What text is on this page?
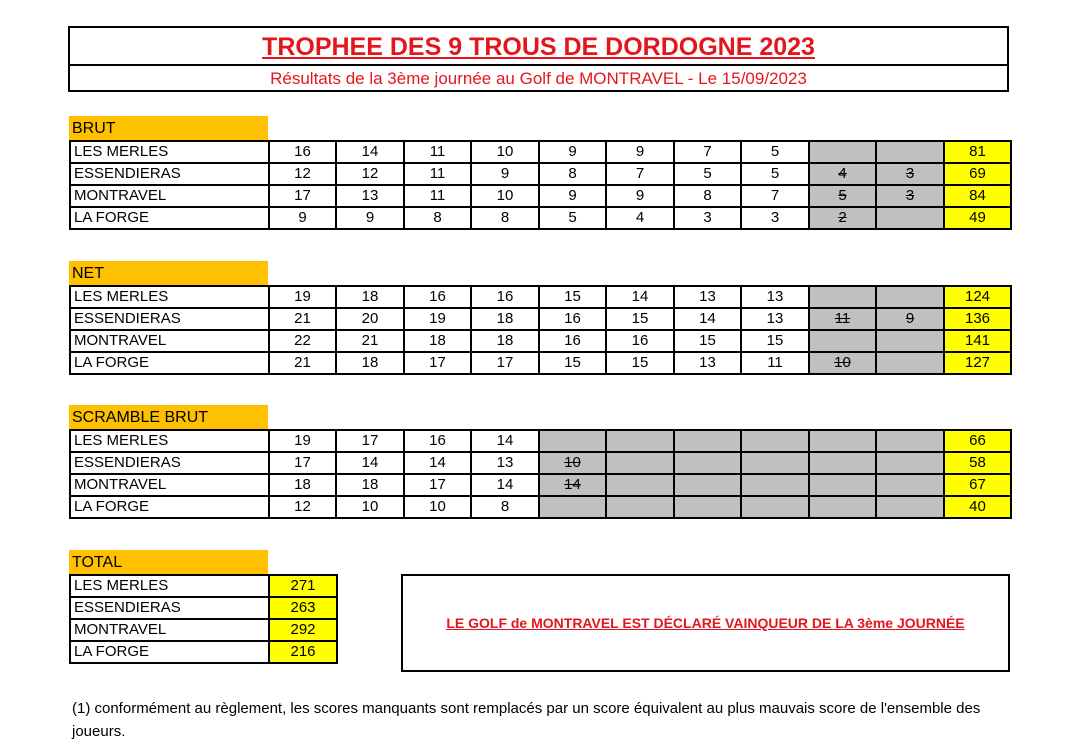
TROPHEE DES 9 TROUS DE DORDOGNE 2023
Résultats de la 3ème journée au Golf de MONTRAVEL - Le 15/09/2023
BRUT
LES MERLES	16	14	11	10	9	9	7	5			81
ESSENDIERAS	12	12	11	9	8	7	5	5	4	3	69
MONTRAVEL	17	13	11	10	9	9	8	7	5	3	84
LA FORGE	9	9	8	8	5	4	3	3	2		49
NET
LES MERLES	19	18	16	16	15	14	13	13			124
ESSENDIERAS	21	20	19	18	16	15	14	13	11	9	136
MONTRAVEL	22	21	18	18	16	16	15	15			141
LA FORGE	21	18	17	17	15	15	13	11	10		127
SCRAMBLE BRUT
LES MERLES	19	17	16	14							66
ESSENDIERAS	17	14	14	13	10						58
MONTRAVEL	18	18	17	14	14						67
LA FORGE	12	10	10	8							40
TOTAL
LES MERLES	271
ESSENDIERAS	263
MONTRAVEL	292
LA FORGE	216
LE GOLF de MONTRAVEL EST DÉCLARÉ VAINQUEUR DE LA 3ème JOURNÉE
(1) conformément au règlement, les scores manquants sont remplacés par un score équivalent au plus mauvais score de l'ensemble des joueurs.
